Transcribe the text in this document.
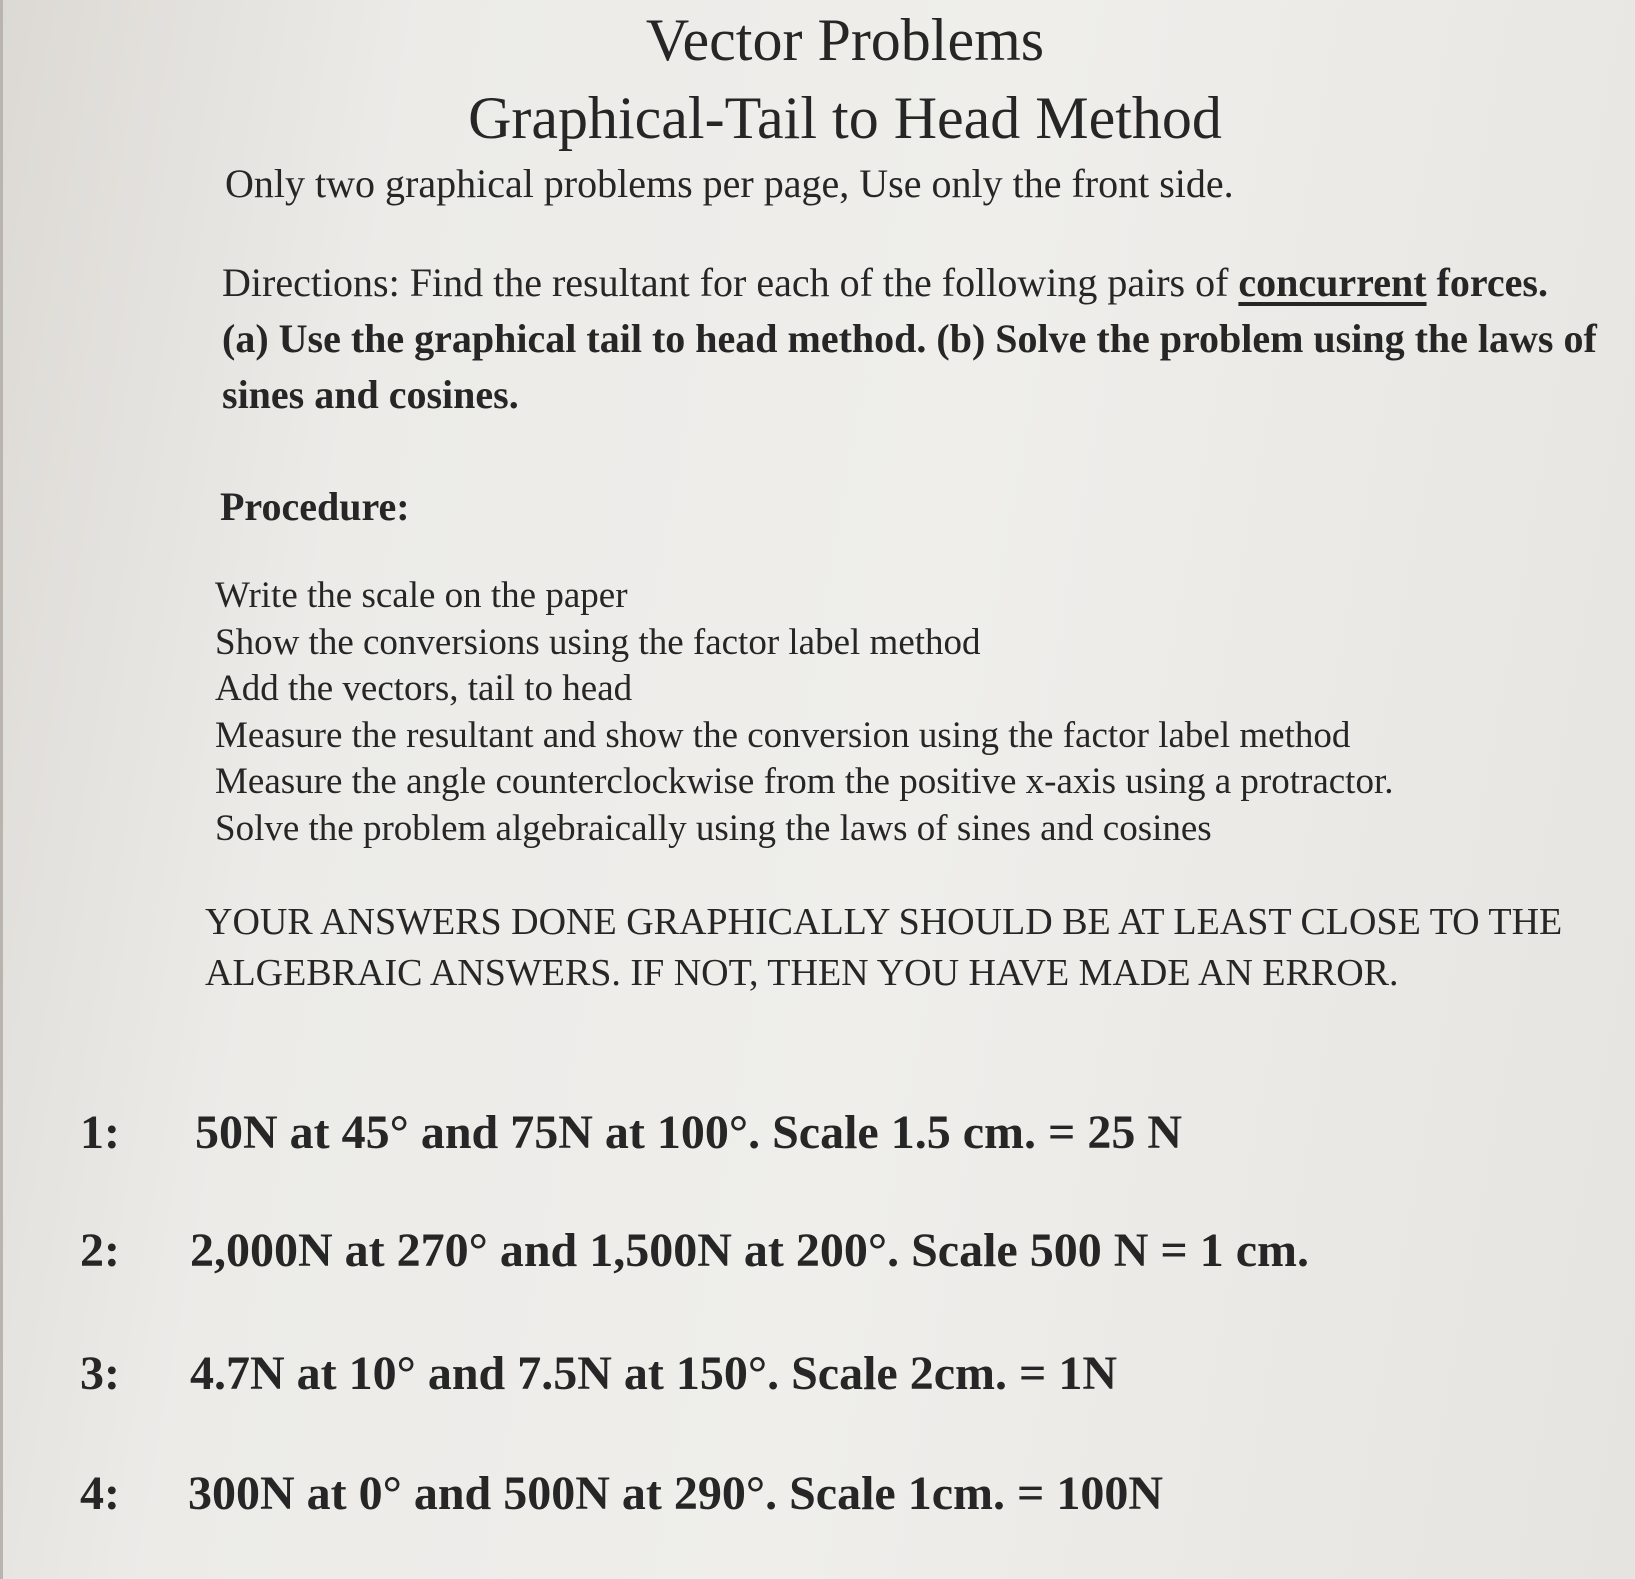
Vector Problems
Graphical-Tail to Head Method
Only two graphical problems per page, Use only the front side.
Directions: Find the resultant for each of the following pairs of concurrent forces. (a) Use the graphical tail to head method. (b) Solve the problem using the laws of sines and cosines.
Procedure:
Write the scale on the paper
Show the conversions using the factor label method
Add the vectors, tail to head
Measure the resultant and show the conversion using the factor label method
Measure the angle counterclockwise from the positive x-axis using a protractor.
Solve the problem algebraically using the laws of sines and cosines
YOUR ANSWERS DONE GRAPHICALLY SHOULD BE AT LEAST CLOSE TO THE ALGEBRAIC ANSWERS. IF NOT, THEN YOU HAVE MADE AN ERROR.
1: 50N at 45° and 75N at 100°. Scale 1.5 cm. = 25 N
2: 2,000N at 270° and 1,500N at 200°. Scale 500 N = 1 cm.
3: 4.7N at 10° and 7.5N at 150°. Scale 2cm. = 1N
4: 300N at 0° and 500N at 290°. Scale 1cm. = 100N
